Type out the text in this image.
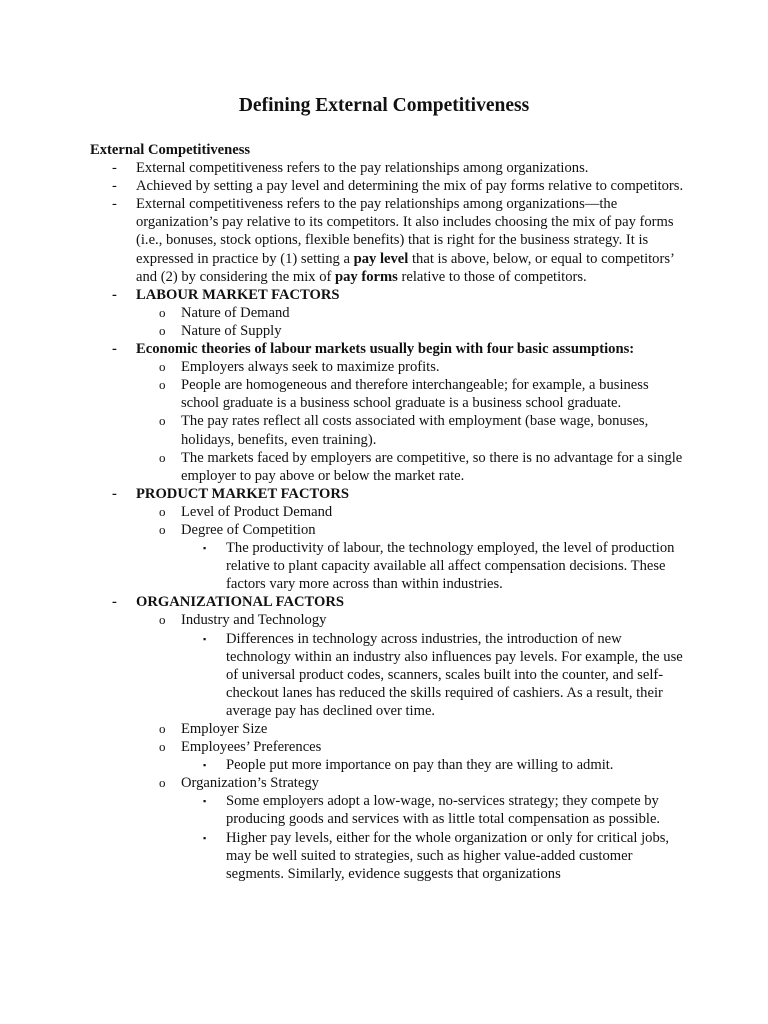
Defining External Competitiveness
External Competitiveness
- External competitiveness refers to the pay relationships among organizations.
- Achieved by setting a pay level and determining the mix of pay forms relative to competitors.
- External competitiveness refers to the pay relationships among organizations—the organization’s pay relative to its competitors. It also includes choosing the mix of pay forms (i.e., bonuses, stock options, flexible benefits) that is right for the business strategy. It is expressed in practice by (1) setting a pay level that is above, below, or equal to competitors’ and (2) by considering the mix of pay forms relative to those of competitors.
- LABOUR MARKET FACTORS
o Nature of Demand
o Nature of Supply
- Economic theories of labour markets usually begin with four basic assumptions:
o Employers always seek to maximize profits.
o People are homogeneous and therefore interchangeable; for example, a business school graduate is a business school graduate is a business school graduate.
o The pay rates reflect all costs associated with employment (base wage, bonuses, holidays, benefits, even training).
o The markets faced by employers are competitive, so there is no advantage for a single employer to pay above or below the market rate.
- PRODUCT MARKET FACTORS
o Level of Product Demand
o Degree of Competition
▪ The productivity of labour, the technology employed, the level of production relative to plant capacity available all affect compensation decisions. These factors vary more across than within industries.
- ORGANIZATIONAL FACTORS
o Industry and Technology
▪ Differences in technology across industries, the introduction of new technology within an industry also influences pay levels. For example, the use of universal product codes, scanners, scales built into the counter, and self-checkout lanes has reduced the skills required of cashiers. As a result, their average pay has declined over time.
o Employer Size
o Employees’ Preferences
▪ People put more importance on pay than they are willing to admit.
o Organization’s Strategy
▪ Some employers adopt a low-wage, no-services strategy; they compete by producing goods and services with as little total compensation as possible.
▪ Higher pay levels, either for the whole organization or only for critical jobs, may be well suited to strategies, such as higher value-added customer segments. Similarly, evidence suggests that organizations
